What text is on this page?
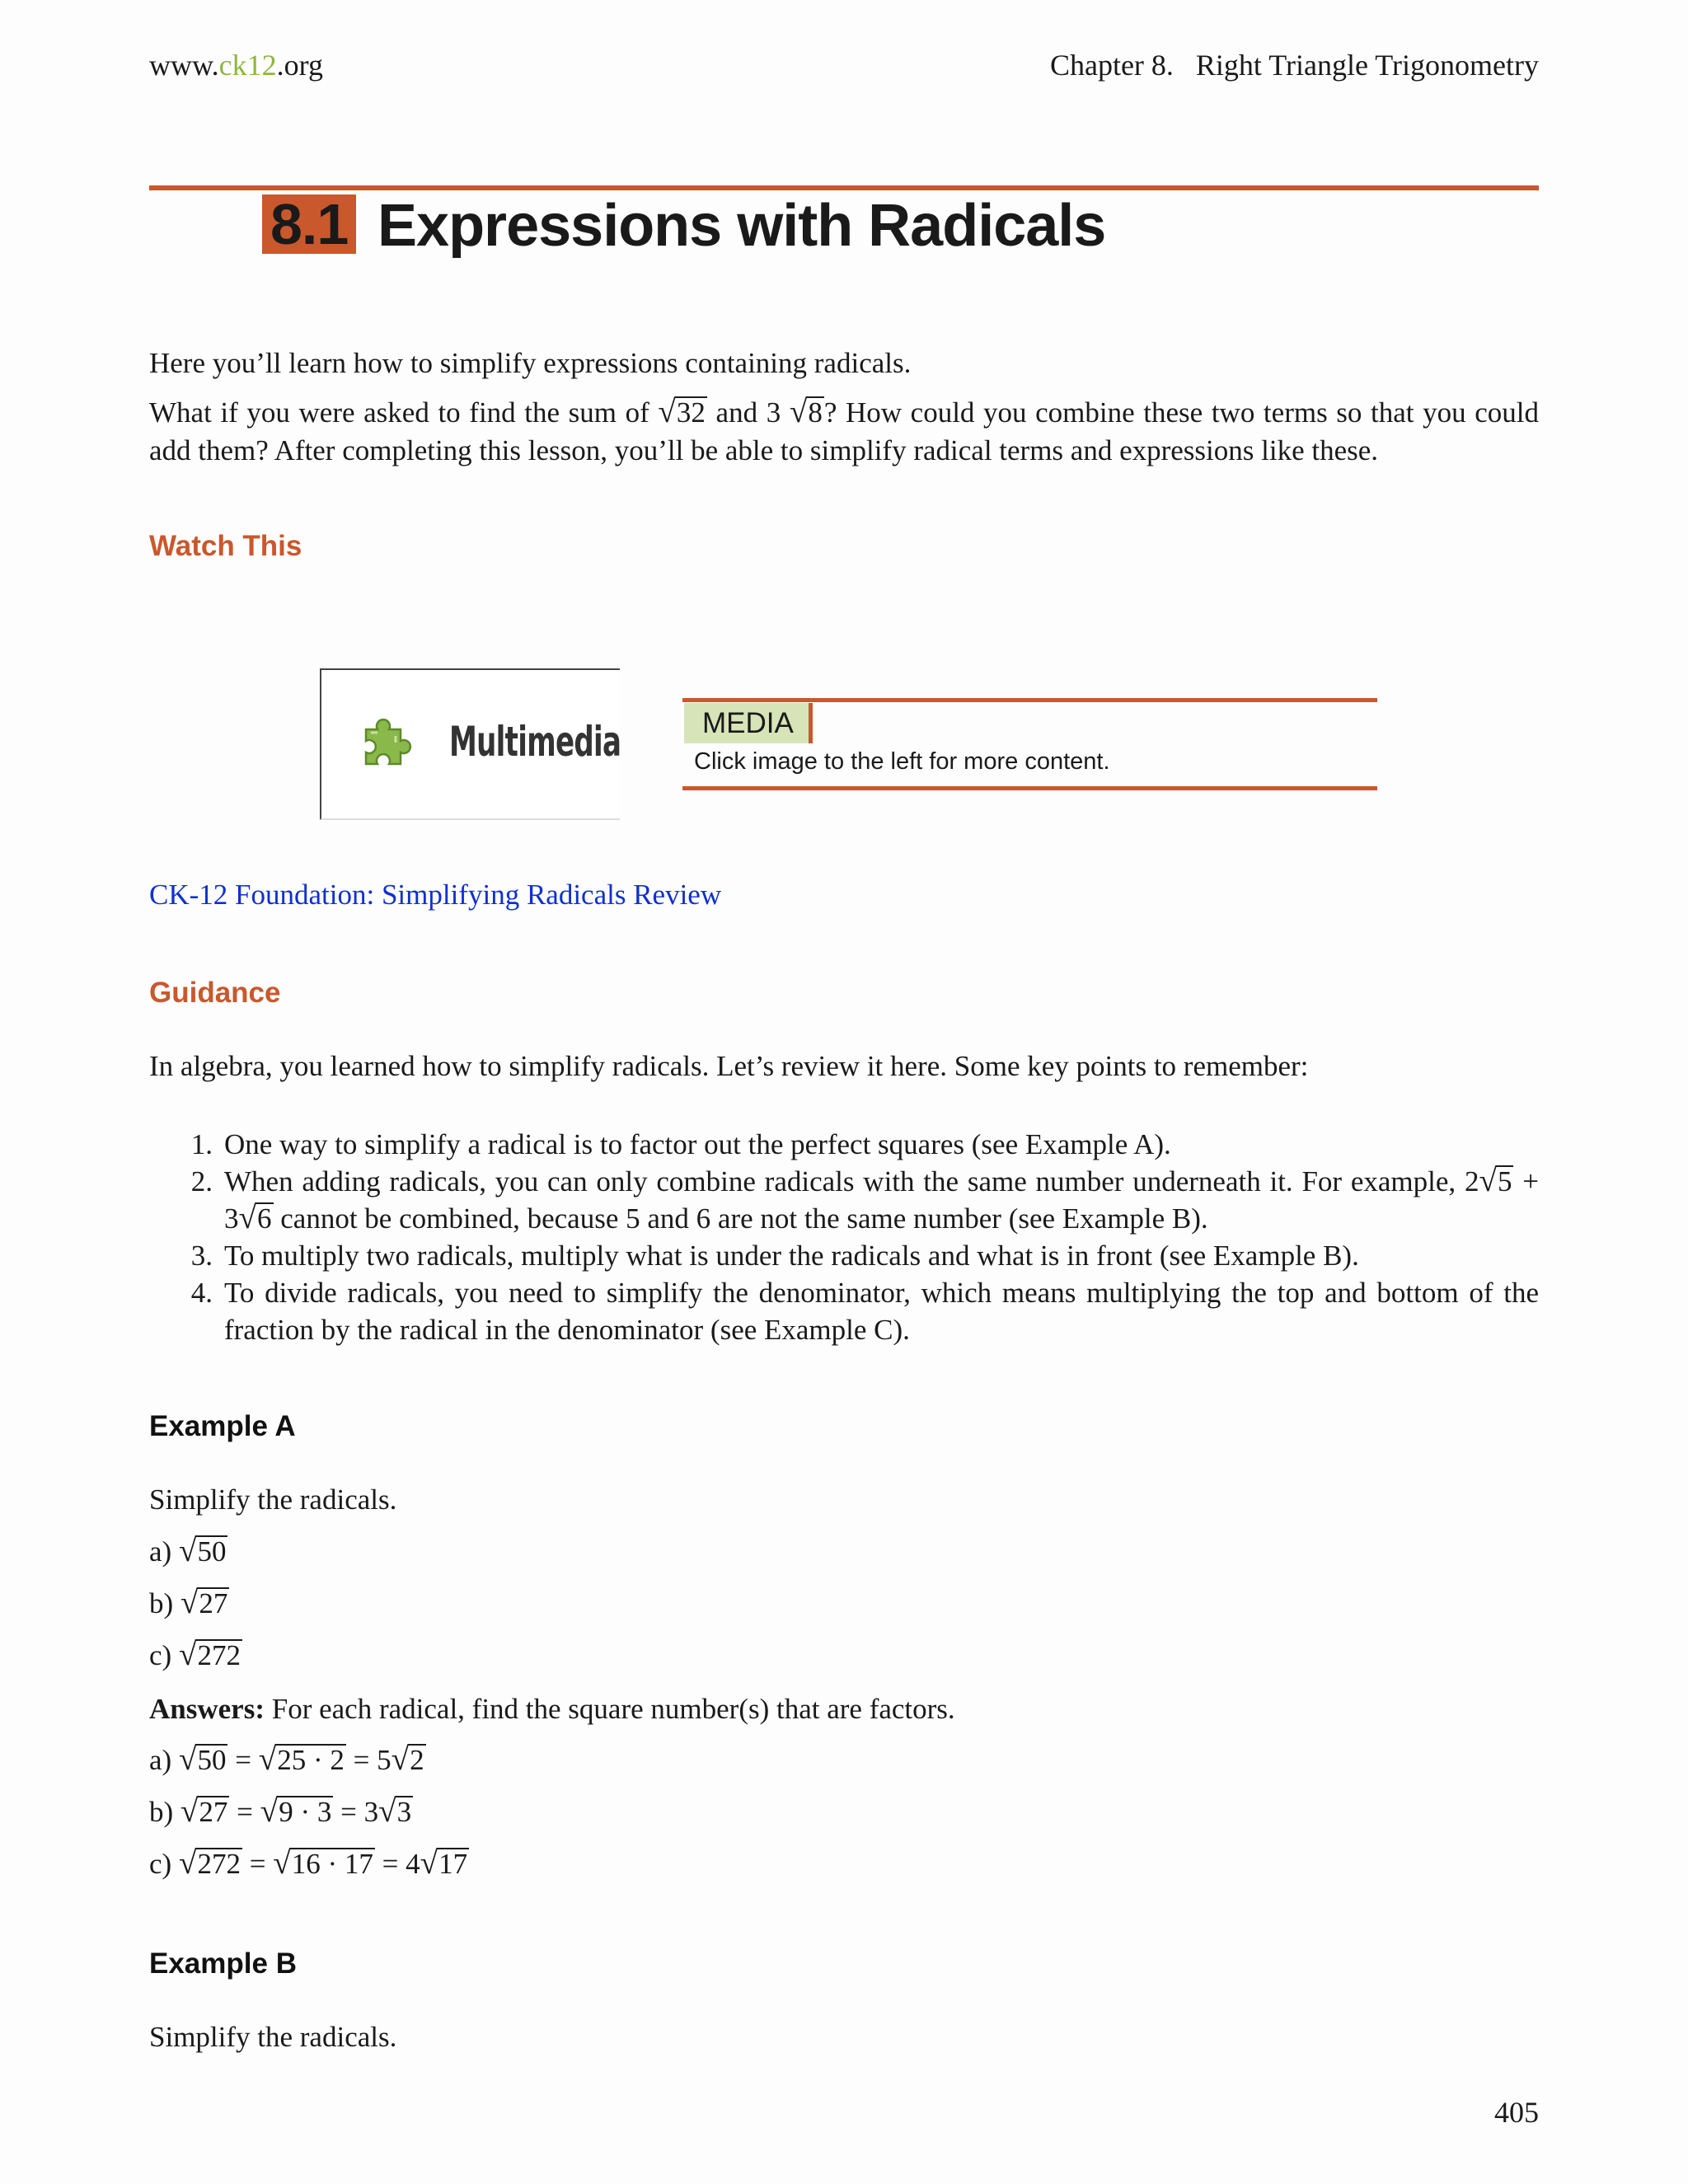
www.ck12.org	Chapter 8.   Right Triangle Trigonometry
8.1 Expressions with Radicals
Here you’ll learn how to simplify expressions containing radicals.
What if you were asked to find the sum of √32 and 3 √8? How could you combine these two terms so that you could add them? After completing this lesson, you’ll be able to simplify radical terms and expressions like these.
Watch This
Multimedia	MEDIA
Click image to the left for more content.
CK-12 Foundation: Simplifying Radicals Review
Guidance
In algebra, you learned how to simplify radicals. Let’s review it here. Some key points to remember:
1. One way to simplify a radical is to factor out the perfect squares (see Example A).
2. When adding radicals, you can only combine radicals with the same number underneath it. For example, 2√5 + 3√6 cannot be combined, because 5 and 6 are not the same number (see Example B).
3. To multiply two radicals, multiply what is under the radicals and what is in front (see Example B).
4. To divide radicals, you need to simplify the denominator, which means multiplying the top and bottom of the fraction by the radical in the denominator (see Example C).
Example A
Simplify the radicals.
a) √50
b) √27
c) √272
Answers: For each radical, find the square number(s) that are factors.
a) √50 = √25 · 2 = 5√2
b) √27 = √9 · 3 = 3√3
c) √272 = √16 · 17 = 4√17
Example B
Simplify the radicals.
405
